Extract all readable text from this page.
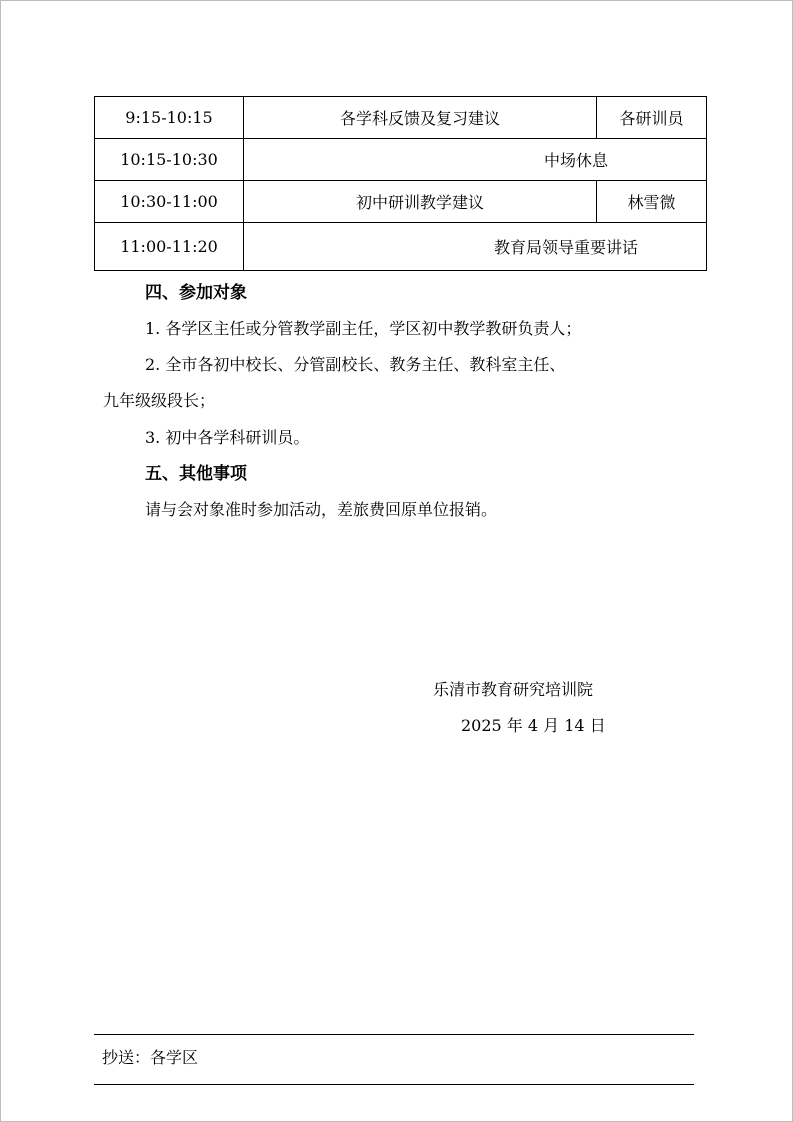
9:15-10:15	各学科反馈及复习建议	各研训员
10:15-10:30	中场休息	
10:30-11:00	初中研训教学建议	林雪微
11:00-11:20	教育局领导重要讲话	
四、参加对象
1. 各学区主任或分管教学副主任，学区初中教学教研负责人；
2. 全市各初中校长、分管副校长、教务主任、教科室主任、
九年级级段长；
3. 初中各学科研训员。
五、其他事项
请与会对象准时参加活动，差旅费回原单位报销。
乐清市教育研究培训院
2025 年 4 月 14 日
抄送：各学区
